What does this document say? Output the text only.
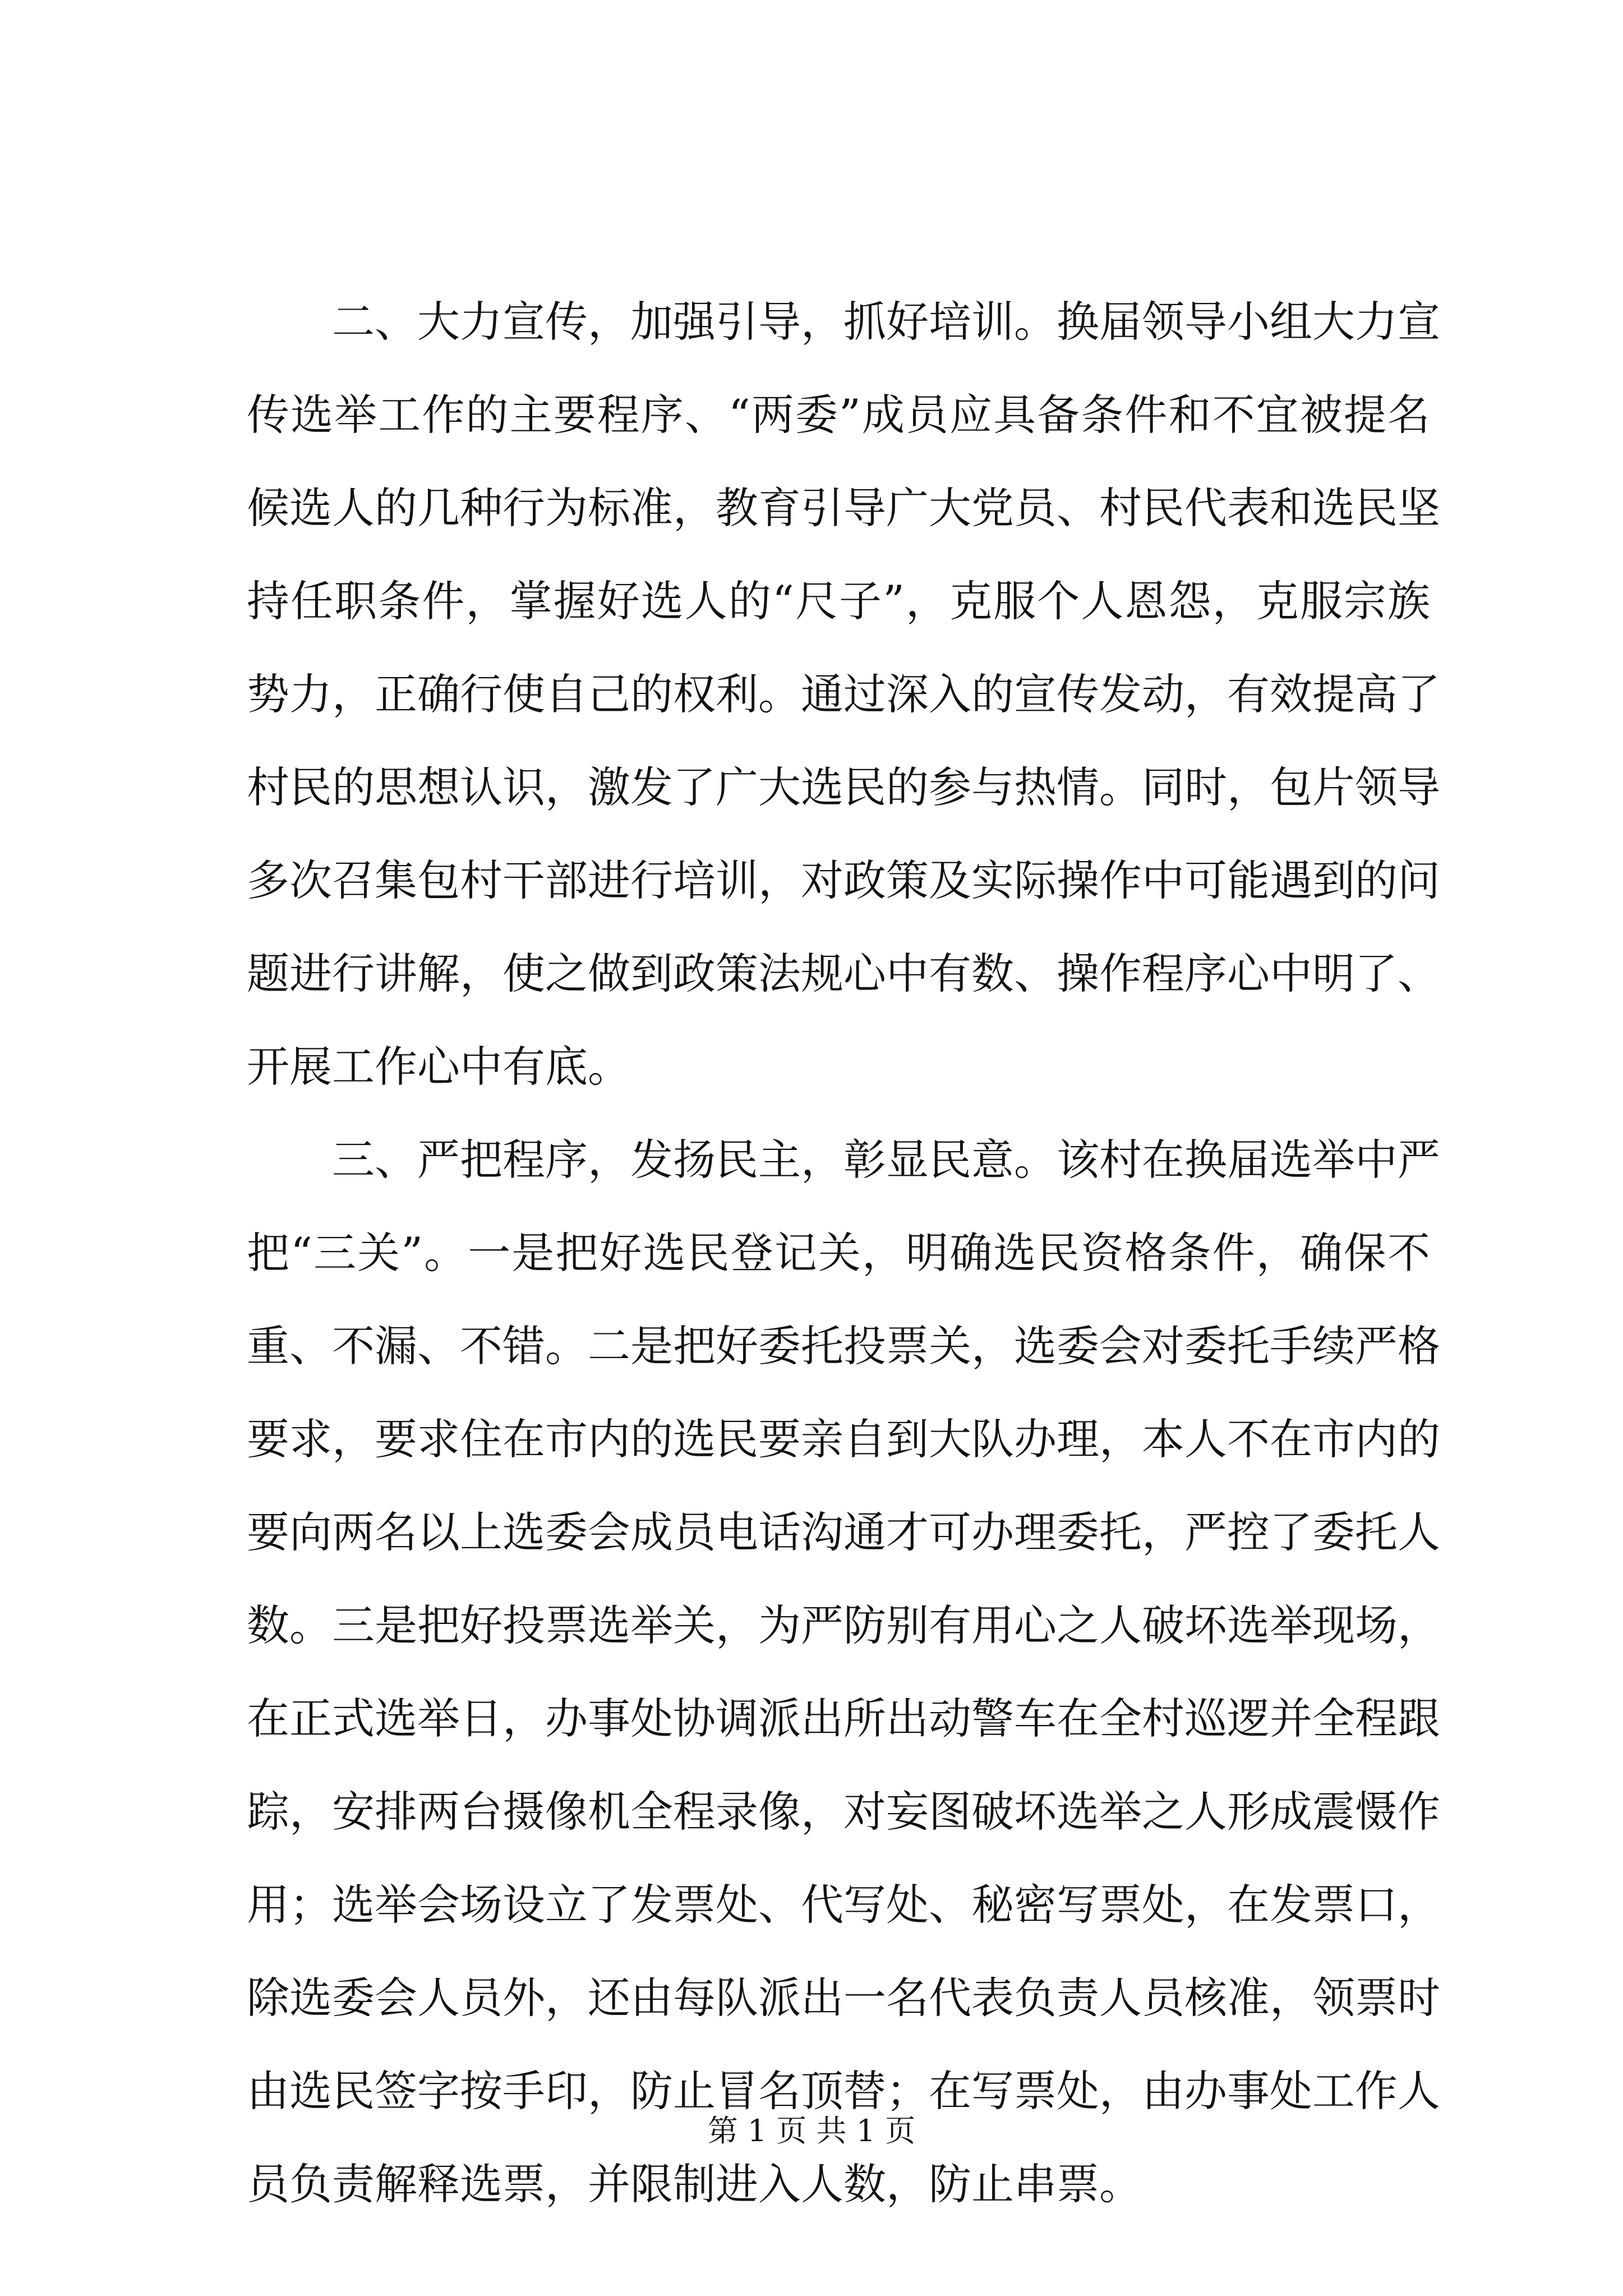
　　二、大力宣传，加强引导，抓好培训。换届领导小组大力宣
传选举工作的主要程序、“两委”成员应具备条件和不宜被提名
候选人的几种行为标准，教育引导广大党员、村民代表和选民坚
持任职条件，掌握好选人的“尺子”，克服个人恩怨，克服宗族
势力，正确行使自己的权利。通过深入的宣传发动，有效提高了
村民的思想认识，激发了广大选民的参与热情。同时，包片领导
多次召集包村干部进行培训，对政策及实际操作中可能遇到的问
题进行讲解，使之做到政策法规心中有数、操作程序心中明了、
开展工作心中有底。
　　三、严把程序，发扬民主，彰显民意。该村在换届选举中严
把“三关”。一是把好选民登记关，明确选民资格条件，确保不
重、不漏、不错。二是把好委托投票关，选委会对委托手续严格
要求，要求住在市内的选民要亲自到大队办理，本人不在市内的
要向两名以上选委会成员电话沟通才可办理委托，严控了委托人
数。三是把好投票选举关，为严防别有用心之人破坏选举现场，
在正式选举日，办事处协调派出所出动警车在全村巡逻并全程跟
踪，安排两台摄像机全程录像，对妄图破坏选举之人形成震慑作
用；选举会场设立了发票处、代写处、秘密写票处，在发票口，
除选委会人员外，还由每队派出一名代表负责人员核准，领票时
由选民签字按手印，防止冒名顶替；在写票处，由办事处工作人
员负责解释选票，并限制进入人数，防止串票。
第 1 页 共 1 页
